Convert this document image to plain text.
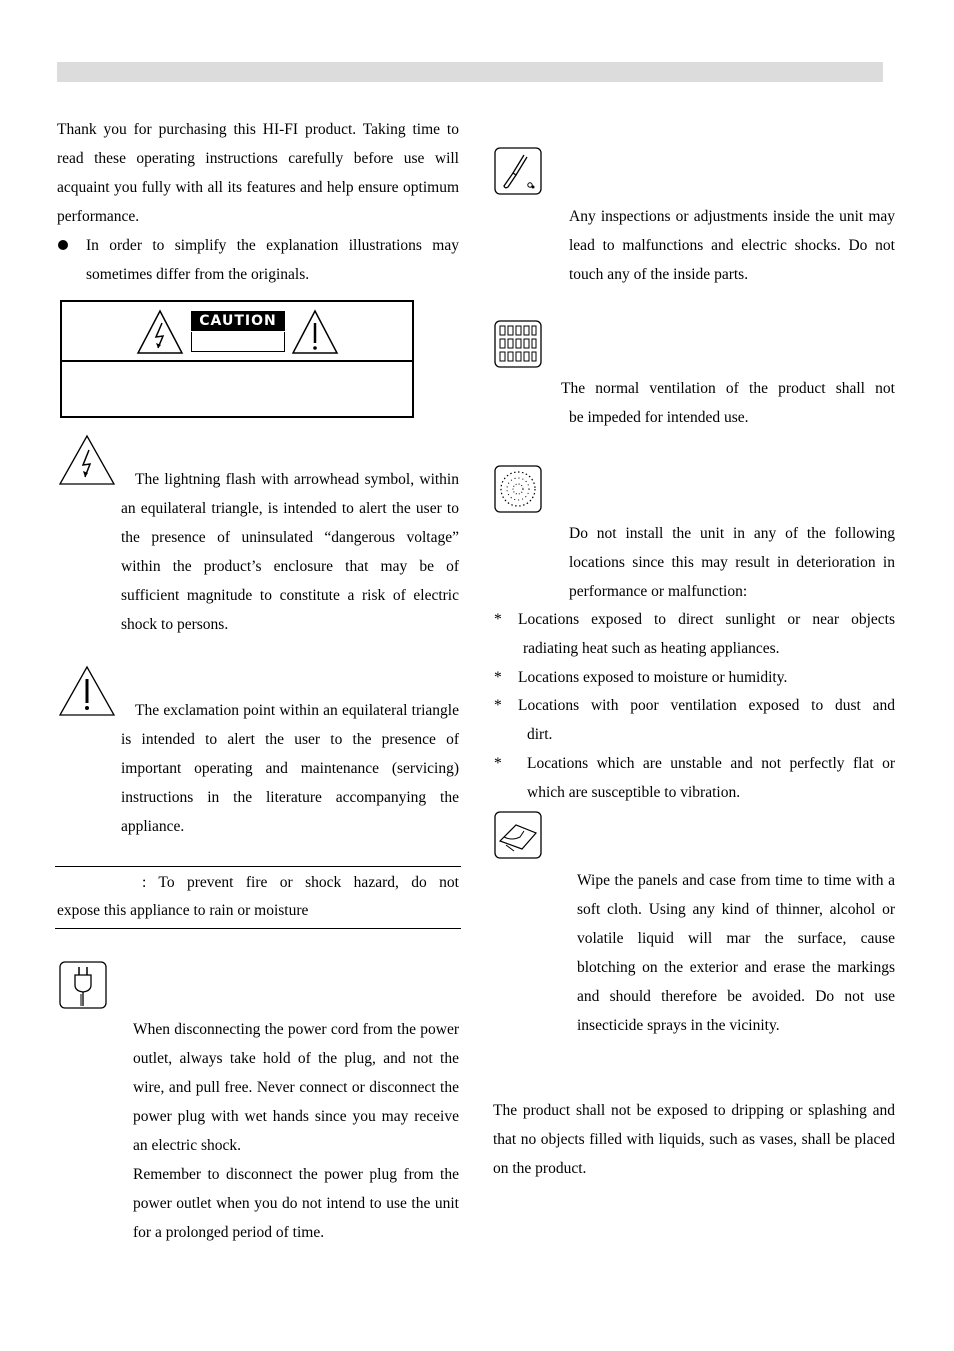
Thank you for purchasing this HI-FI product. Taking time to read these operating instructions carefully before use will acquaint you fully with all its features and help ensure optimum performance.
In order to simplify the explanation illustrations may sometimes differ from the originals.
CAUTION
The lightning flash with arrowhead symbol, within an equilateral triangle, is intended to alert the user to the presence of uninsulated “dangerous voltage” within the product’s enclosure that may be of sufficient magnitude to constitute a risk of electric shock to persons.
The exclamation point within an equilateral triangle is intended to alert the user to the presence of important operating and maintenance (servicing) instructions in the literature accompanying the appliance.
: To prevent fire or shock hazard, do not
expose this appliance to rain or moisture
When disconnecting the power cord from the power outlet, always take hold of the plug, and not the wire, and pull free. Never connect or disconnect the power plug with wet hands since you may receive an electric shock.
Remember to disconnect the power plug from the power outlet when you do not intend to use the unit for a prolonged period of time.
Any inspections or adjustments inside the unit may lead to malfunctions and electric shocks. Do not touch any of the inside parts.
The normal ventilation of the product shall not
be impeded for intended use.
Do not install the unit in any of the following locations since this may result in deterioration in performance or malfunction:
* Locations exposed to direct sunlight or near objects
radiating heat such as heating appliances.
* Locations exposed to moisture or humidity.
* Locations with poor ventilation exposed to dust and
dirt.
* Locations which are unstable and not perfectly flat or
which are susceptible to vibration.
Wipe the panels and case from time to time with a soft cloth. Using any kind of thinner, alcohol or volatile liquid will mar the surface, cause blotching on the exterior and erase the markings and should therefore be avoided. Do not use insecticide sprays in the vicinity.
The product shall not be exposed to dripping or splashing and that no objects filled with liquids, such as vases, shall be placed on the product.
